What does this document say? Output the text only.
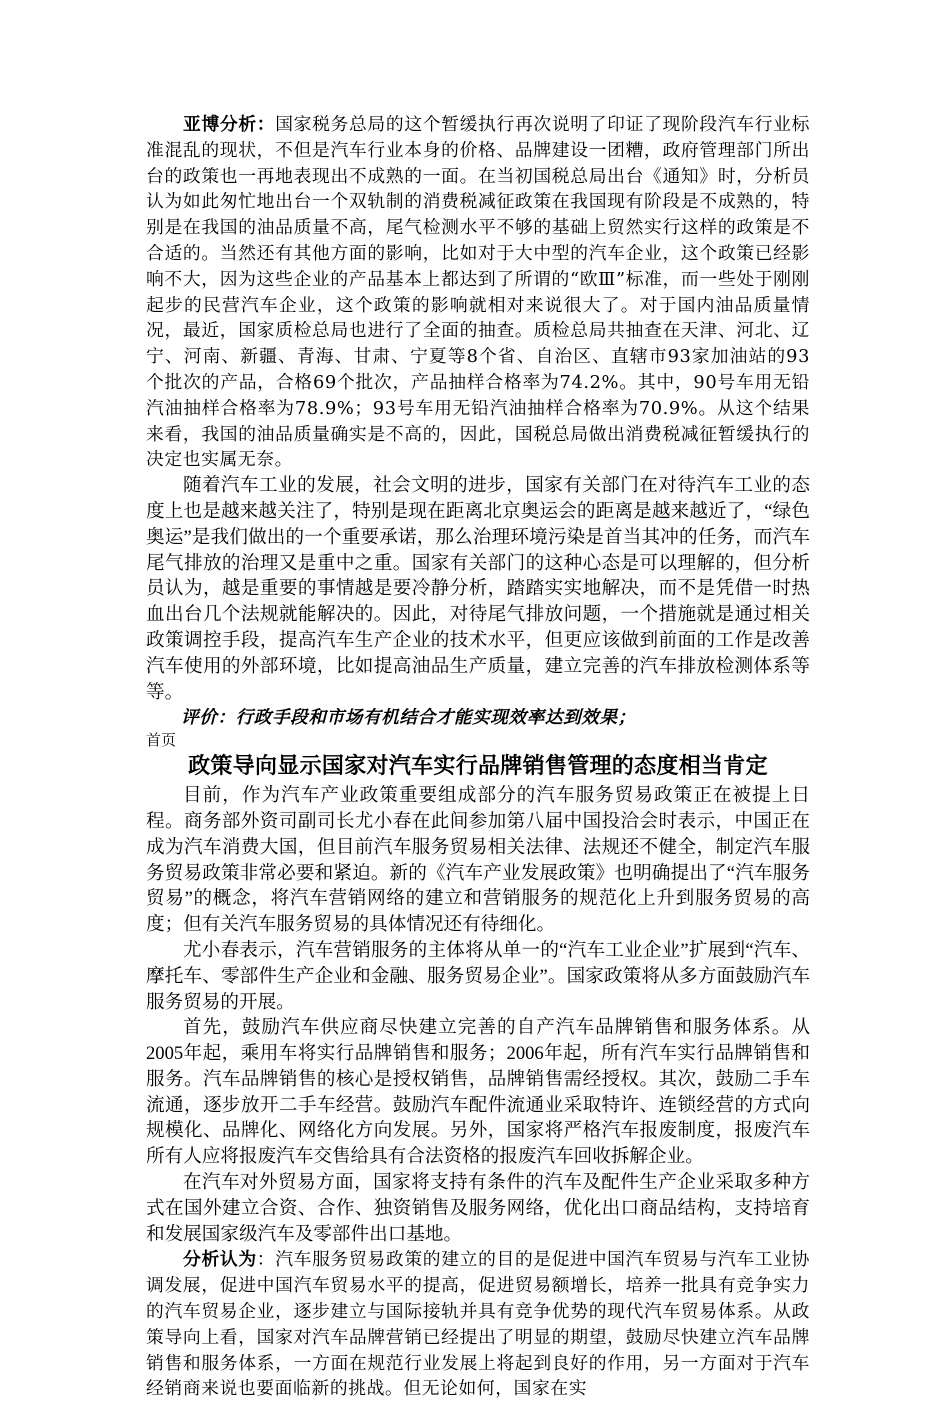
亚博分析：国家税务总局的这个暂缓执行再次说明了印证了现阶段汽车行业标准混乱的现状，不但是汽车行业本身的价格、品牌建设一团糟，政府管理部门所出台的政策也一再地表现出不成熟的一面。在当初国税总局出台《通知》时，分析员认为如此匆忙地出台一个双轨制的消费税减征政策在我国现有阶段是不成熟的，特别是在我国的油品质量不高，尾气检测水平不够的基础上贸然实行这样的政策是不合适的。当然还有其他方面的影响，比如对于大中型的汽车企业，这个政策已经影响不大，因为这些企业的产品基本上都达到了所谓的“欧Ⅲ”标准，而一些处于刚刚起步的民营汽车企业，这个政策的影响就相对来说很大了。对于国内油品质量情况，最近，国家质检总局也进行了全面的抽查。质检总局共抽查在天津、河北、辽宁、河南、新疆、青海、甘肃、宁夏等8个省、自治区、直辖市93家加油站的93个批次的产品，合格69个批次，产品抽样合格率为74.2%。其中，90号车用无铅汽油抽样合格率为78.9%；93号车用无铅汽油抽样合格率为70.9%。从这个结果来看，我国的油品质量确实是不高的，因此，国税总局做出消费税减征暂缓执行的决定也实属无奈。

随着汽车工业的发展，社会文明的进步，国家有关部门在对待汽车工业的态度上也是越来越关注了，特别是现在距离北京奥运会的距离是越来越近了，“绿色奥运”是我们做出的一个重要承诺，那么治理环境污染是首当其冲的任务，而汽车尾气排放的治理又是重中之重。国家有关部门的这种心态是可以理解的，但分析员认为，越是重要的事情越是要冷静分析，踏踏实实地解决，而不是凭借一时热血出台几个法规就能解决的。因此，对待尾气排放问题，一个措施就是通过相关政策调控手段，提高汽车生产企业的技术水平，但更应该做到前面的工作是改善汽车使用的外部环境，比如提高油品生产质量，建立完善的汽车排放检测体系等等。

评价：行政手段和市场有机结合才能实现效率达到效果；

首页

政策导向显示国家对汽车实行品牌销售管理的态度相当肯定

目前，作为汽车产业政策重要组成部分的汽车服务贸易政策正在被提上日程。商务部外资司副司长尤小春在此间参加第八届中国投洽会时表示，中国正在成为汽车消费大国，但目前汽车服务贸易相关法律、法规还不健全，制定汽车服务贸易政策非常必要和紧迫。新的《汽车产业发展政策》也明确提出了“汽车服务贸易”的概念，将汽车营销网络的建立和营销服务的规范化上升到服务贸易的高度；但有关汽车服务贸易的具体情况还有待细化。

尤小春表示，汽车营销服务的主体将从单一的“汽车工业企业”扩展到“汽车、摩托车、零部件生产企业和金融、服务贸易企业”。国家政策将从多方面鼓励汽车服务贸易的开展。

首先，鼓励汽车供应商尽快建立完善的自产汽车品牌销售和服务体系。从2005年起，乘用车将实行品牌销售和服务；2006年起，所有汽车实行品牌销售和服务。汽车品牌销售的核心是授权销售，品牌销售需经授权。其次，鼓励二手车流通，逐步放开二手车经营。鼓励汽车配件流通业采取特许、连锁经营的方式向规模化、品牌化、网络化方向发展。另外，国家将严格汽车报废制度，报废汽车所有人应将报废汽车交售给具有合法资格的报废汽车回收拆解企业。

在汽车对外贸易方面，国家将支持有条件的汽车及配件生产企业采取多种方式在国外建立合资、合作、独资销售及服务网络，优化出口商品结构，支持培育和发展国家级汽车及零部件出口基地。

分析认为：汽车服务贸易政策的建立的目的是促进中国汽车贸易与汽车工业协调发展，促进中国汽车贸易水平的提高，促进贸易额增长，培养一批具有竞争实力的汽车贸易企业，逐步建立与国际接轨并具有竞争优势的现代汽车贸易体系。从政策导向上看，国家对汽车品牌营销已经提出了明显的期望，鼓励尽快建立汽车品牌销售和服务体系，一方面在规范行业发展上将起到良好的作用，另一方面对于汽车经销商来说也要面临新的挑战。但无论如何，国家在实
